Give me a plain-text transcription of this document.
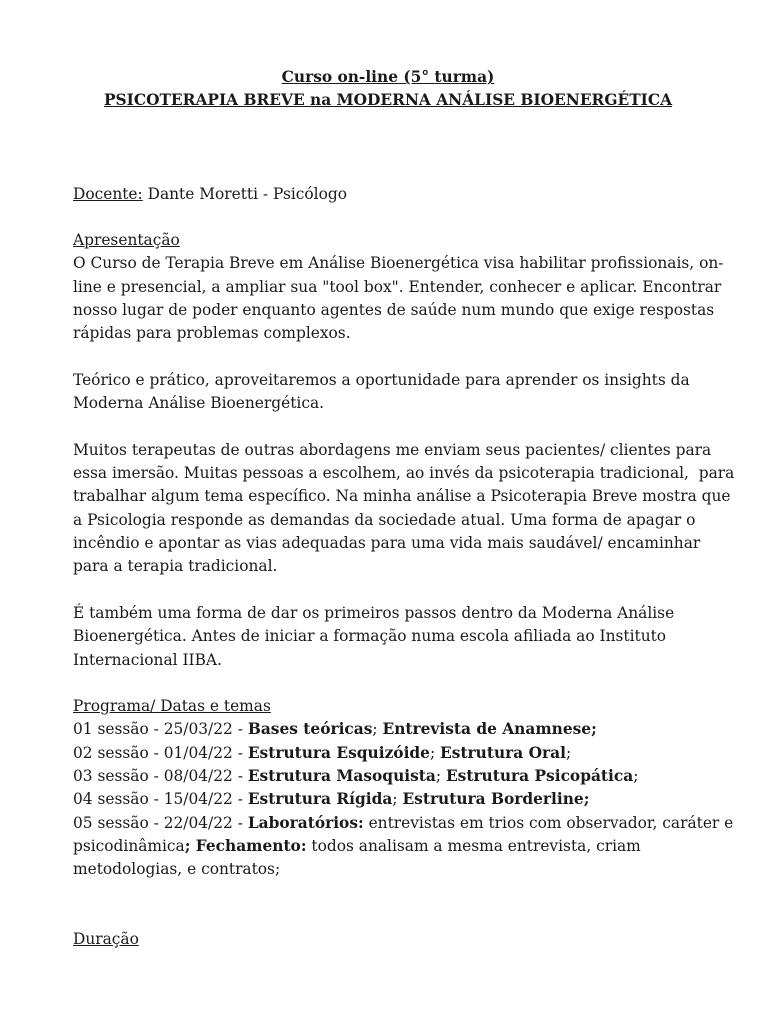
Curso on-line (5° turma)
PSICOTERAPIA BREVE na MODERNA ANÁLISE BIOENERGÉTICA

Docente: Dante Moretti - Psicólogo

Apresentação

O Curso de Terapia Breve em Análise Bioenergética visa habilitar profissionais, on-
line e presencial, a ampliar sua "tool box". Entender, conhecer e aplicar. Encontrar
nosso lugar de poder enquanto agentes de saúde num mundo que exige respostas
rápidas para problemas complexos.
Teórico e prático, aproveitaremos a oportunidade para aprender os insights da
Moderna Análise Bioenergética.
Muitos terapeutas de outras abordagens me enviam seus pacientes/ clientes para
essa imersão. Muitas pessoas a escolhem, ao invés da psicoterapia tradicional,  para
trabalhar algum tema específico. Na minha análise a Psicoterapia Breve mostra que
a Psicologia responde as demandas da sociedade atual. Uma forma de apagar o
incêndio e apontar as vias adequadas para uma vida mais saudável/ encaminhar
para a terapia tradicional.
É também uma forma de dar os primeiros passos dentro da Moderna Análise
Bioenergética. Antes de iniciar a formação numa escola afiliada ao Instituto
Internacional IIBA.

Programa/ Datas e temas

01 sessão - 25/03/22 - Bases teóricas; Entrevista de Anamnese;
02 sessão - 01/04/22 - Estrutura Esquizóide; Estrutura Oral;
03 sessão - 08/04/22 - Estrutura Masoquista; Estrutura Psicopática;
04 sessão - 15/04/22 - Estrutura Rígida; Estrutura Borderline;
05 sessão - 22/04/22 - Laboratórios: entrevistas em trios com observador, caráter e
psicodinâmica; Fechamento: todos analisam a mesma entrevista, criam
metodologias, e contratos;

Duração
